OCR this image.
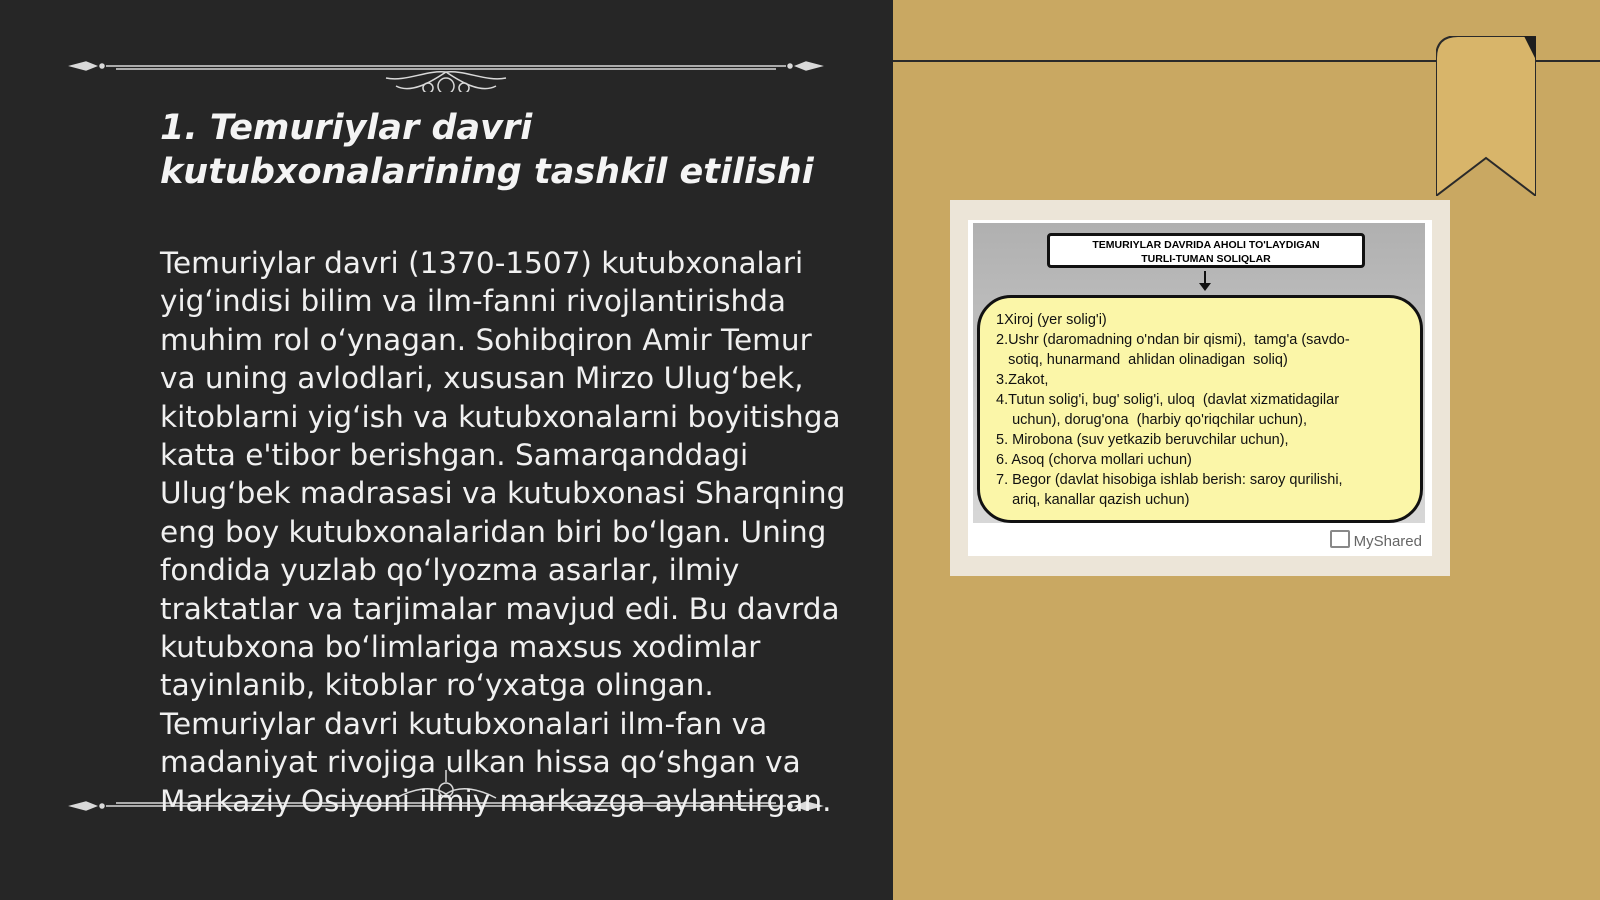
1. Temuriylar davri kutubxonalarining tashkil etilishi

Temuriylar davri (1370-1507) kutubxonalari yig‘indisi bilim va ilm-fanni rivojlantirishda muhim rol o‘ynagan. Sohibqiron Amir Temur va uning avlodlari, xususan Mirzo Ulug‘bek, kitoblarni yig‘ish va kutubxonalarni boyitishga katta e'tibor berishgan. Samarqanddagi Ulug‘bek madrasasi va kutubxonasi Sharqning eng boy kutubxonalaridan biri bo‘lgan. Uning fondida yuzlab qo‘lyozma asarlar, ilmiy traktatlar va tarjimalar mavjud edi. Bu davrda kutubxona bo‘limlariga maxsus xodimlar tayinlanib, kitoblar ro‘yxatga olingan. Temuriylar davri kutubxonalari ilm-fan va madaniyat rivojiga ulkan hissa qo‘shgan va Markaziy Osiyoni ilmiy markazga aylantirgan.

TEMURIYLAR DAVRIDA AHOLI TO'LAYDIGAN
TURLI-TUMAN SOLIQLAR
1Xiroj (yer solig'i)
2.Ushr (daromadning o'ndan bir qismi),  tamg'a (savdo-
sotiq, hunarmand  ahlidan olinadigan  soliq)
3.Zakot,
4.Tutun solig'i, bug' solig'i, uloq  (davlat xizmatidagilar
uchun), dorug'ona  (harbiy qo'riqchilar uchun),
5. Mirobona (suv yetkazib beruvchilar uchun),
6. Asoq (chorva mollari uchun)
7. Begor (davlat hisobiga ishlab berish: saroy qurilishi,
ariq, kanallar qazish uchun)
MyShared
